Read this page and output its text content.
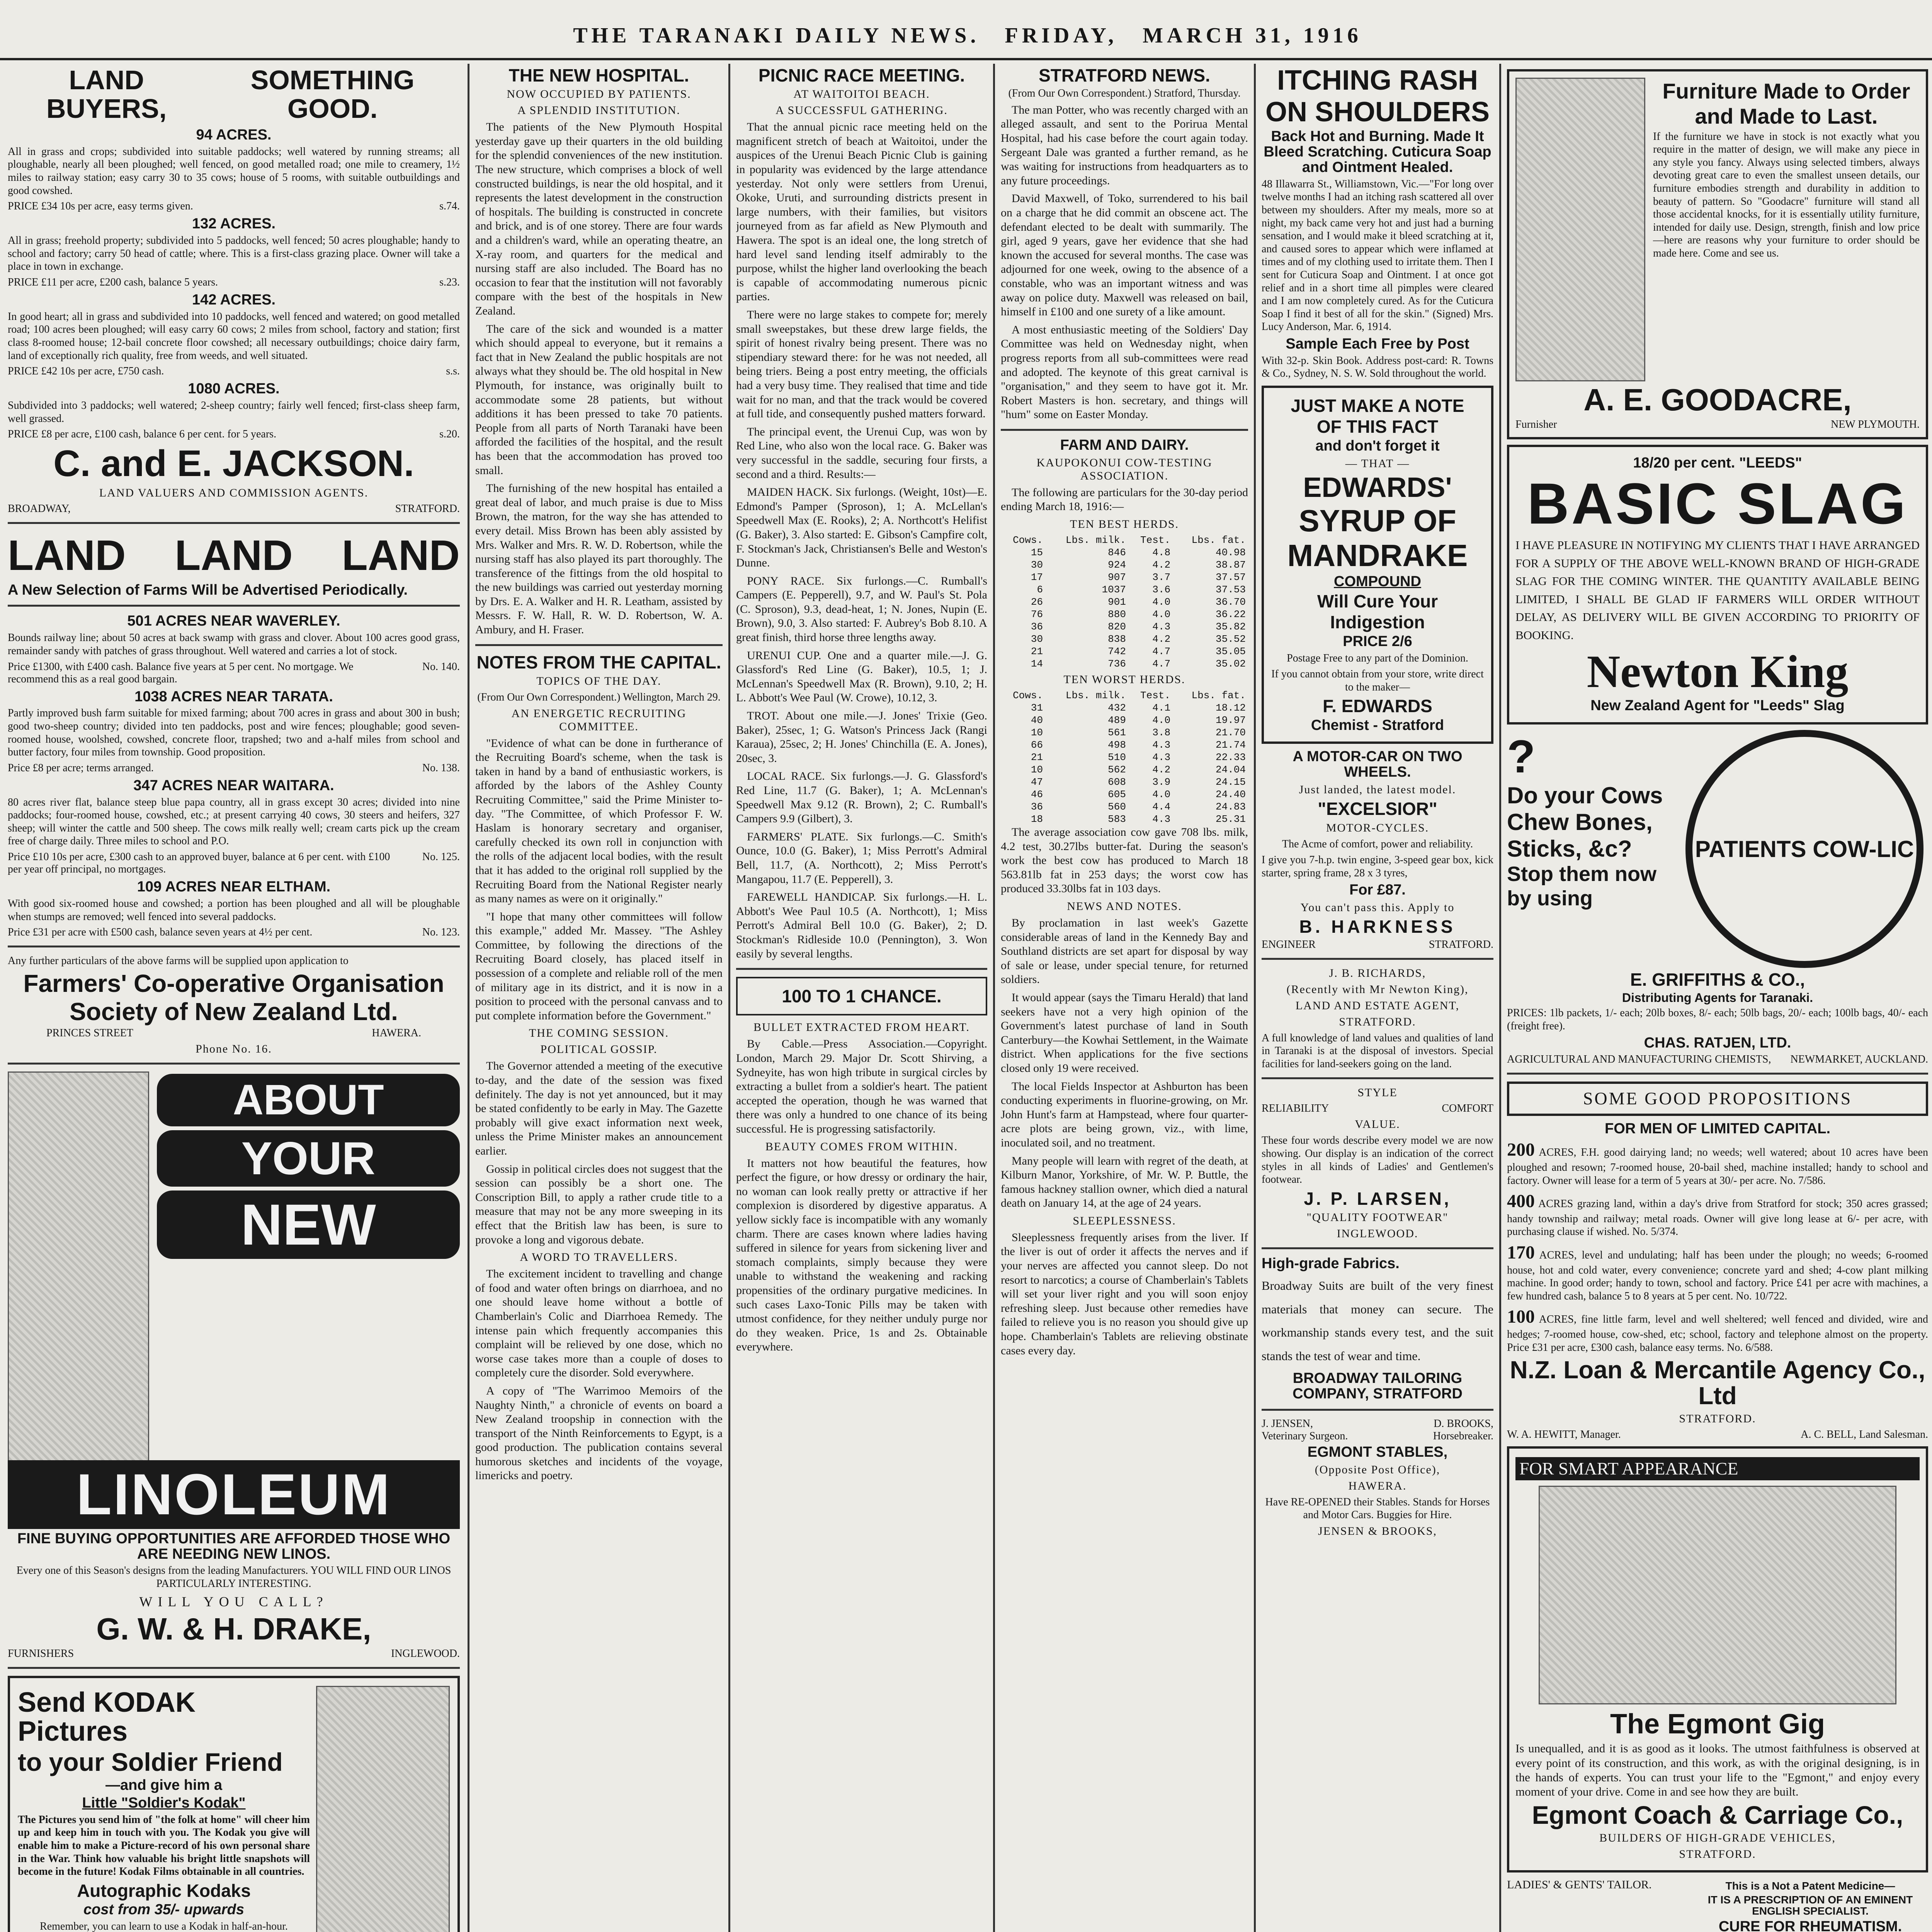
THE TARANAKI DAILY NEWS. FRIDAY, MARCH 31, 1916
LAND BUYERS,
SOMETHING GOOD.
94 ACRES.

All in grass and crops; subdivided into suitable paddocks; well watered by running streams; all ploughable, nearly all been ploughed; well fenced, on good metalled road; one mile to creamery, 1½ miles to railway station; easy carry 30 to 35 cows; house of 5 rooms, with suitable outbuildings and good cowshed.

PRICE £34 10s per acre, easy terms given.	s.74.
132 ACRES.

All in grass; freehold property; subdivided into 5 paddocks, well fenced; 50 acres ploughable; handy to school and factory; carry 50 head of cattle; where. This is a first-class grazing place. Owner will take a place in town in exchange.

PRICE £11 per acre, £200 cash, balance 5 years.	s.23.
142 ACRES.

In good heart; all in grass and subdivided into 10 paddocks, well fenced and watered; on good metalled road; 100 acres been ploughed; will easy carry 60 cows; 2 miles from school, factory and station; first class 8-roomed house; 12-bail concrete floor cowshed; all necessary outbuildings; choice dairy farm, land of exceptionally rich quality, free from weeds, and well situated.

PRICE £42 10s per acre, £750 cash.	s.s.
1080 ACRES.

Subdivided into 3 paddocks; well watered; 2-sheep country; fairly well fenced; first-class sheep farm, well grassed.

PRICE £8 per acre, £100 cash, balance 6 per cent. for 5 years.	s.20.
C. and E. JACKSON.
LAND VALUERS AND COMMISSION AGENTS.
BROADWAY,	STRATFORD.
LAND LAND LAND
A New Selection of Farms Will be Advertised Periodically.
501 ACRES NEAR WAVERLEY.

Bounds railway line; about 50 acres at back swamp with grass and clover. About 100 acres good grass, remainder sandy with patches of grass throughout. Well watered and carries a lot of stock.

Price £1300, with £400 cash. Balance five years at 5 per cent. No mortgage. We recommend this as a real good bargain.
No. 140.
1038 ACRES NEAR TARATA.

Partly improved bush farm suitable for mixed farming; about 700 acres in grass and about 300 in bush; good two-sheep country; divided into ten paddocks, post and wire fences; ploughable; good seven-roomed house, woolshed, cowshed, concrete floor, trapshed; two and a-half miles from school and butter factory, four miles from township. Good proposition.

Price £8 per acre; terms arranged.	No. 138.
347 ACRES NEAR WAITARA.

80 acres river flat, balance steep blue papa country, all in grass except 30 acres; divided into nine paddocks; four-roomed house, cowshed, etc.; at present carrying 40 cows, 30 steers and heifers, 327 sheep; will winter the cattle and 500 sheep. The cows milk really well; cream carts pick up the cream free of charge daily. Three miles to school and P.O.

Price £10 10s per acre, £300 cash to an approved buyer, balance at 6 per cent. with £100 per year off principal, no mortgages.
No. 125.
109 ACRES NEAR ELTHAM.

With good six-roomed house and cowshed; a portion has been ploughed and all will be ploughable when stumps are removed; well fenced into several paddocks.

Price £31 per acre with £500 cash, balance seven years at 4½ per cent.	No. 123.

Any further particulars of the above farms will be supplied upon application to

Farmers' Co-operative Organisation
Society of New Zealand Ltd.
PRINCES STREET	HAWERA.
Phone No. 16.
ABOUT
YOUR
NEW
LINOLEUM
FINE BUYING OPPORTUNITIES ARE AFFORDED THOSE WHO ARE NEEDING NEW LINOS.

Every one of this Season's designs from the leading Manufacturers. YOU WILL FIND OUR LINOS PARTICULARLY INTERESTING.

WILL YOU CALL?
G. W. & H. DRAKE,
FURNISHERS	INGLEWOOD.
Send KODAK Pictures
to your Soldier Friend
—and give him a
Little "Soldier's Kodak"

The Pictures you send him of "the folk at home" will cheer him up and keep him in touch with you. The Kodak you give will enable him to make a Picture-record of his own personal share in the War. Think how valuable his bright little snapshots will become in the future! Kodak Films obtainable in all countries.

Autographic Kodaks
cost from 35/- upwards

Remember, you can learn to use a Kodak in half-an-hour.

THE NEW HOSPITAL.
NOW OCCUPIED BY PATIENTS.
A SPLENDID INSTITUTION.

The patients of the New Plymouth Hospital yesterday gave up their quarters in the old building for the splendid conveniences of the new institution. The new structure, which comprises a block of well constructed buildings, is near the old hospital, and it represents the latest development in the construction of hospitals. The building is constructed in concrete and brick, and is of one storey. There are four wards and a children's ward, while an operating theatre, an X-ray room, and quarters for the medical and nursing staff are also included. The Board has no occasion to fear that the institution will not favorably compare with the best of the hospitals in New Zealand.

The care of the sick and wounded is a matter which should appeal to everyone, but it remains a fact that in New Zealand the public hospitals are not always what they should be. The old hospital in New Plymouth, for instance, was originally built to accommodate some 28 patients, but without additions it has been pressed to take 70 patients. People from all parts of North Taranaki have been afforded the facilities of the hospital, and the result has been that the accommodation has proved too small.

The furnishing of the new hospital has entailed a great deal of labor, and much praise is due to Miss Brown, the matron, for the way she has attended to every detail. Miss Brown has been ably assisted by Mrs. Walker and Mrs. R. W. D. Robertson, while the nursing staff has also played its part thoroughly. The transference of the fittings from the old hospital to the new buildings was carried out yesterday morning by Drs. E. A. Walker and H. R. Leatham, assisted by Messrs. F. W. Hall, R. W. D. Robertson, W. A. Ambury, and H. Fraser.

NOTES FROM THE CAPITAL.
TOPICS OF THE DAY.

(From Our Own Correspondent.) Wellington, March 29.

AN ENERGETIC RECRUITING COMMITTEE.

"Evidence of what can be done in furtherance of the Recruiting Board's scheme, when the task is taken in hand by a band of enthusiastic workers, is afforded by the labors of the Ashley County Recruiting Committee," said the Prime Minister to-day. "The Committee, of which Professor F. W. Haslam is honorary secretary and organiser, carefully checked its own roll in conjunction with the rolls of the adjacent local bodies, with the result that it has added to the original roll supplied by the Recruiting Board from the National Register nearly as many names as were on it originally."

"I hope that many other committees will follow this example," added Mr. Massey. "The Ashley Committee, by following the directions of the Recruiting Board closely, has placed itself in possession of a complete and reliable roll of the men of military age in its district, and it is now in a position to proceed with the personal canvass and to put complete information before the Government."

THE COMING SESSION.
POLITICAL GOSSIP.

The Governor attended a meeting of the executive to-day, and the date of the session was fixed definitely. The day is not yet announced, but it may be stated confidently to be early in May. The Gazette probably will give exact information next week, unless the Prime Minister makes an announcement earlier.

Gossip in political circles does not suggest that the session can possibly be a short one. The Conscription Bill, to apply a rather crude title to a measure that may not be any more sweeping in its effect that the British law has been, is sure to provoke a long and vigorous debate.

A WORD TO TRAVELLERS.

The excitement incident to travelling and change of food and water often brings on diarrhoea, and no one should leave home without a bottle of Chamberlain's Colic and Diarrhoea Remedy. The intense pain which frequently accompanies this complaint will be relieved by one dose, which no worse case takes more than a couple of doses to completely cure the disorder. Sold everywhere.

A copy of "The Warrimoo Memoirs of the Naughty Ninth," a chronicle of events on board a New Zealand troopship in connection with the transport of the Ninth Reinforcements to Egypt, is a good production. The publication contains several humorous sketches and incidents of the voyage, limericks and poetry.

PICNIC RACE MEETING.
AT WAITOITOI BEACH.
A SUCCESSFUL GATHERING.

That the annual picnic race meeting held on the magnificent stretch of beach at Waitoitoi, under the auspices of the Urenui Beach Picnic Club is gaining in popularity was evidenced by the large attendance yesterday. Not only were settlers from Urenui, Okoke, Uruti, and surrounding districts present in large numbers, with their families, but visitors journeyed from as far afield as New Plymouth and Hawera. The spot is an ideal one, the long stretch of hard level sand lending itself admirably to the purpose, whilst the higher land overlooking the beach is capable of accommodating numerous picnic parties.

There were no large stakes to compete for; merely small sweepstakes, but these drew large fields, the spirit of honest rivalry being present. There was no stipendiary steward there: for he was not needed, all being triers. Being a post entry meeting, the officials had a very busy time. They realised that time and tide wait for no man, and that the track would be covered at full tide, and consequently pushed matters forward.

The principal event, the Urenui Cup, was won by Red Line, who also won the local race. G. Baker was very successful in the saddle, securing four firsts, a second and a third. Results:—

MAIDEN HACK. Six furlongs. (Weight, 10st)—E. Edmond's Pamper (Sproson), 1; A. McLellan's Speedwell Max (E. Rooks), 2; A. Northcott's Helifist (G. Baker), 3. Also started: E. Gibson's Campfire colt, F. Stockman's Jack, Christiansen's Belle and Weston's Dunne.

PONY RACE. Six furlongs.—C. Rumball's Campers (E. Pepperell), 9.7, and W. Paul's St. Pola (C. Sproson), 9.3, dead-heat, 1; N. Jones, Nupin (E. Brown), 9.0, 3. Also started: F. Aubrey's Bob 8.10. A great finish, third horse three lengths away.

URENUI CUP. One and a quarter mile.—J. G. Glassford's Red Line (G. Baker), 10.5, 1; J. McLennan's Speedwell Max (R. Brown), 9.10, 2; H. L. Abbott's Wee Paul (W. Crowe), 10.12, 3.

TROT. About one mile.—J. Jones' Trixie (Geo. Baker), 25sec, 1; G. Watson's Princess Jack (Rangi Karaua), 25sec, 2; H. Jones' Chinchilla (E. A. Jones), 20sec, 3.

LOCAL RACE. Six furlongs.—J. G. Glassford's Red Line, 11.7 (G. Baker), 1; A. McLennan's Speedwell Max 9.12 (R. Brown), 2; C. Rumball's Campers 9.9 (Gilbert), 3.

FARMERS' PLATE. Six furlongs.—C. Smith's Ounce, 10.0 (G. Baker), 1; Miss Perrott's Admiral Bell, 11.7, (A. Northcott), 2; Miss Perrott's Mangapou, 11.7 (E. Pepperell), 3.

FAREWELL HANDICAP. Six furlongs.—H. L. Abbott's Wee Paul 10.5 (A. Northcott), 1; Miss Perrott's Admiral Bell 10.0 (G. Baker), 2; D. Stockman's Ridleside 10.0 (Pennington), 3. Won easily by several lengths.

100 TO 1 CHANCE.
BULLET EXTRACTED FROM HEART.

By Cable.—Press Association.—Copyright. London, March 29. Major Dr. Scott Shirving, a Sydneyite, has won high tribute in surgical circles by extracting a bullet from a soldier's heart. The patient accepted the operation, though he was warned that there was only a hundred to one chance of its being successful. He is progressing satisfactorily.

BEAUTY COMES FROM WITHIN.

It matters not how beautiful the features, how perfect the figure, or how dressy or ordinary the hair, no woman can look really pretty or attractive if her complexion is disordered by digestive apparatus. A yellow sickly face is incompatible with any womanly charm. There are cases known where ladies having suffered in silence for years from sickening liver and stomach complaints, simply because they were unable to withstand the weakening and racking propensities of the ordinary purgative medicines. In such cases Laxo-Tonic Pills may be taken with utmost confidence, for they neither unduly purge nor do they weaken. Price, 1s and 2s. Obtainable everywhere.

STRATFORD NEWS.

(From Our Own Correspondent.) Stratford, Thursday.

The man Potter, who was recently charged with an alleged assault, and sent to the Porirua Mental Hospital, had his case before the court again today. Sergeant Dale was granted a further remand, as he was waiting for instructions from headquarters as to any future proceedings.

David Maxwell, of Toko, surrendered to his bail on a charge that he did commit an obscene act. The defendant elected to be dealt with summarily. The girl, aged 9 years, gave her evidence that she had known the accused for several months. The case was adjourned for one week, owing to the absence of a constable, who was an important witness and was away on police duty. Maxwell was released on bail, himself in £100 and one surety of a like amount.

A most enthusiastic meeting of the Soldiers' Day Committee was held on Wednesday night, when progress reports from all sub-committees were read and adopted. The keynote of this great carnival is "organisation," and they seem to have got it. Mr. Robert Masters is hon. secretary, and things will "hum" some on Easter Monday.

FARM AND DAIRY.
KAUPOKONUI COW-TESTING ASSOCIATION.

The following are particulars for the 30-day period ending March 18, 1916:—

TEN BEST HERDS.
Cows.	Lbs. milk.	Test.	Lbs. fat.
15	846	4.8	40.98
30	924	4.2	38.87
17	907	3.7	37.57
6	1037	3.6	37.53
26	901	4.0	36.70
76	880	4.0	36.22
36	820	4.3	35.82
30	838	4.2	35.52
21	742	4.7	35.05
14	736	4.7	35.02
TEN WORST HERDS.
Cows.	Lbs. milk.	Test.	Lbs. fat.
31	432	4.1	18.12
40	489	4.0	19.97
10	561	3.8	21.70
66	498	4.3	21.74
21	510	4.3	22.33
10	562	4.2	24.04
47	608	3.9	24.15
46	605	4.0	24.40
36	560	4.4	24.83
18	583	4.3	25.31

The average association cow gave 708 lbs. milk, 4.2 test, 30.27lbs butter-fat. During the season's work the best cow has produced to March 18 563.81lb fat in 253 days; the worst cow has produced 33.30lbs fat in 103 days.

NEWS AND NOTES.

By proclamation in last week's Gazette considerable areas of land in the Kennedy Bay and Southland districts are set apart for disposal by way of sale or lease, under special tenure, for returned soldiers.

It would appear (says the Timaru Herald) that land seekers have not a very high opinion of the Government's latest purchase of land in South Canterbury—the Kowhai Settlement, in the Waimate district. When applications for the five sections closed only 19 were received.

The local Fields Inspector at Ashburton has been conducting experiments in fluorine-growing, on Mr. John Hunt's farm at Hampstead, where four quarter-acre plots are being grown, viz., with lime, inoculated soil, and no treatment.

Many people will learn with regret of the death, at Kilburn Manor, Yorkshire, of Mr. W. P. Buttle, the famous hackney stallion owner, which died a natural death on January 14, at the age of 24 years.

SLEEPLESSNESS.

Sleeplessness frequently arises from the liver. If the liver is out of order it affects the nerves and if your nerves are affected you cannot sleep. Do not resort to narcotics; a course of Chamberlain's Tablets will set your liver right and you will soon enjoy refreshing sleep. Just because other remedies have failed to relieve you is no reason you should give up hope. Chamberlain's Tablets are relieving obstinate cases every day.

ITCHING RASH
ON SHOULDERS
Back Hot and Burning. Made It Bleed Scratching. Cuticura Soap and Ointment Healed.

48 Illawarra St., Williamstown, Vic.—"For long over twelve months I had an itching rash scattered all over between my shoulders. After my meals, more so at night, my back came very hot and just had a burning sensation, and I would make it bleed scratching at it, and caused sores to appear which were inflamed at times and of my clothing used to irritate them. Then I sent for Cuticura Soap and Ointment. I at once got relief and in a short time all pimples were cleared and I am now completely cured. As for the Cuticura Soap I find it best of all for the skin." (Signed) Mrs. Lucy Anderson, Mar. 6, 1914.

Sample Each Free by Post

With 32-p. Skin Book. Address post-card: R. Towns & Co., Sydney, N. S. W. Sold throughout the world.

JUST MAKE A NOTE
OF THIS FACT
and don't forget it
— THAT —
EDWARDS'
SYRUP OF
MANDRAKE
COMPOUND
Will Cure Your
Indigestion
PRICE 2/6

Postage Free to any part of the Dominion.

If you cannot obtain from your store, write direct to the maker—

F. EDWARDS
Chemist - Stratford
A MOTOR-CAR ON TWO WHEELS.
Just landed, the latest model.
"EXCELSIOR"
MOTOR-CYCLES.

The Acme of comfort, power and reliability.

I give you 7-h.p. twin engine, 3-speed gear box, kick starter, spring frame, 28 x 3 tyres,

For £87.
You can't pass this. Apply to
B. HARKNESS
ENGINEER	STRATFORD.
J. B. RICHARDS,
(Recently with Mr Newton King),
LAND AND ESTATE AGENT,
STRATFORD.

A full knowledge of land values and qualities of land in Taranaki is at the disposal of investors. Special facilities for land-seekers going on the land.

STYLE
RELIABILITY	COMFORT
VALUE.

These four words describe every model we are now showing. Our display is an indication of the correct styles in all kinds of Ladies' and Gentlemen's footwear.

J. P. LARSEN,
"QUALITY FOOTWEAR"
INGLEWOOD.
High-grade Fabrics.

Broadway Suits are built of the very finest materials that money can secure. The workmanship stands every test, and the suit stands the test of wear and time.

BROADWAY TAILORING COMPANY, STRATFORD
J. JENSEN,	D. BROOKS,
Veterinary Surgeon.	Horsebreaker.
EGMONT STABLES,
(Opposite Post Office),
HAWERA.

Have RE-OPENED their Stables. Stands for Horses and Motor Cars. Buggies for Hire.

JENSEN & BROOKS,
Furniture Made to Order
and Made to Last.

If the furniture we have in stock is not exactly what you require in the matter of design, we will make any piece in any style you fancy. Always using selected timbers, always devoting great care to even the smallest unseen details, our furniture embodies strength and durability in addition to beauty of pattern. So "Goodacre" furniture will stand all those accidental knocks, for it is essentially utility furniture, intended for daily use. Design, strength, finish and low price—here are reasons why your furniture to order should be made here. Come and see us.

A. E. GOODACRE,
Furnisher	NEW PLYMOUTH.
18/20 per cent. "LEEDS"
BASIC SLAG

I HAVE PLEASURE IN NOTIFYING MY CLIENTS THAT I HAVE ARRANGED FOR A SUPPLY OF THE ABOVE WELL-KNOWN BRAND OF HIGH-GRADE SLAG FOR THE COMING WINTER. THE QUANTITY AVAILABLE BEING LIMITED, I SHALL BE GLAD IF FARMERS WILL ORDER WITHOUT DELAY, AS DELIVERY WILL BE GIVEN ACCORDING TO PRIORITY OF BOOKING.

Newton King
New Zealand Agent for "Leeds" Slag
?
Do your Cows
Chew Bones,
Sticks, &c?
Stop them now
by using
PATIENTS COW-LIC
E. GRIFFITHS & CO.,
Distributing Agents for Taranaki.

PRICES: 1lb packets, 1/- each; 20lb boxes, 8/- each; 50lb bags, 20/- each; 100lb bags, 40/- each (freight free).

CHAS. RATJEN, LTD.
AGRICULTURAL AND MANUFACTURING CHEMISTS, NEWMARKET, AUCKLAND.
SOME GOOD PROPOSITIONS
FOR MEN OF LIMITED CAPITAL.

200 ACRES, F.H. good dairying land; no weeds; well watered; about 10 acres have been ploughed and resown; 7-roomed house, 20-bail shed, machine installed; handy to school and factory. Owner will lease for a term of 5 years at 30/- per acre. No. 7/586.

400 ACRES grazing land, within a day's drive from Stratford for stock; 350 acres grassed; handy township and railway; metal roads. Owner will give long lease at 6/- per acre, with purchasing clause if wished. No. 5/374.

170 ACRES, level and undulating; half has been under the plough; no weeds; 6-roomed house, hot and cold water, every convenience; concrete yard and shed; 4-cow plant milking machine. In good order; handy to town, school and factory. Price £41 per acre with machines, a few hundred cash, balance 5 to 8 years at 5 per cent. No. 10/722.

100 ACRES, fine little farm, level and well sheltered; well fenced and divided, wire and hedges; 7-roomed house, cow-shed, etc; school, factory and telephone almost on the property. Price £31 per acre, £300 cash, balance easy terms. No. 6/588.

N.Z. Loan & Mercantile Agency Co., Ltd
STRATFORD.
W. A. HEWITT, Manager.	A. C. BELL, Land Salesman.
FOR SMART APPEARANCE
The Egmont Gig

Is unequalled, and it is as good as it looks. The utmost faithfulness is observed at every point of its construction, and this work, as with the original designing, is in the hands of experts. You can trust your life to the "Egmont," and enjoy every moment of your drive. Come in and see how they are built.

Egmont Coach & Carriage Co.,
BUILDERS OF HIGH-GRADE VEHICLES,
STRATFORD.
LADIES' & GENTS' TAILOR.	This is a Not a Patent Medicine—
IT IS A PRESCRIPTION OF AN EMINENT ENGLISH SPECIALIST.
CURE FOR RHEUMATISM.
